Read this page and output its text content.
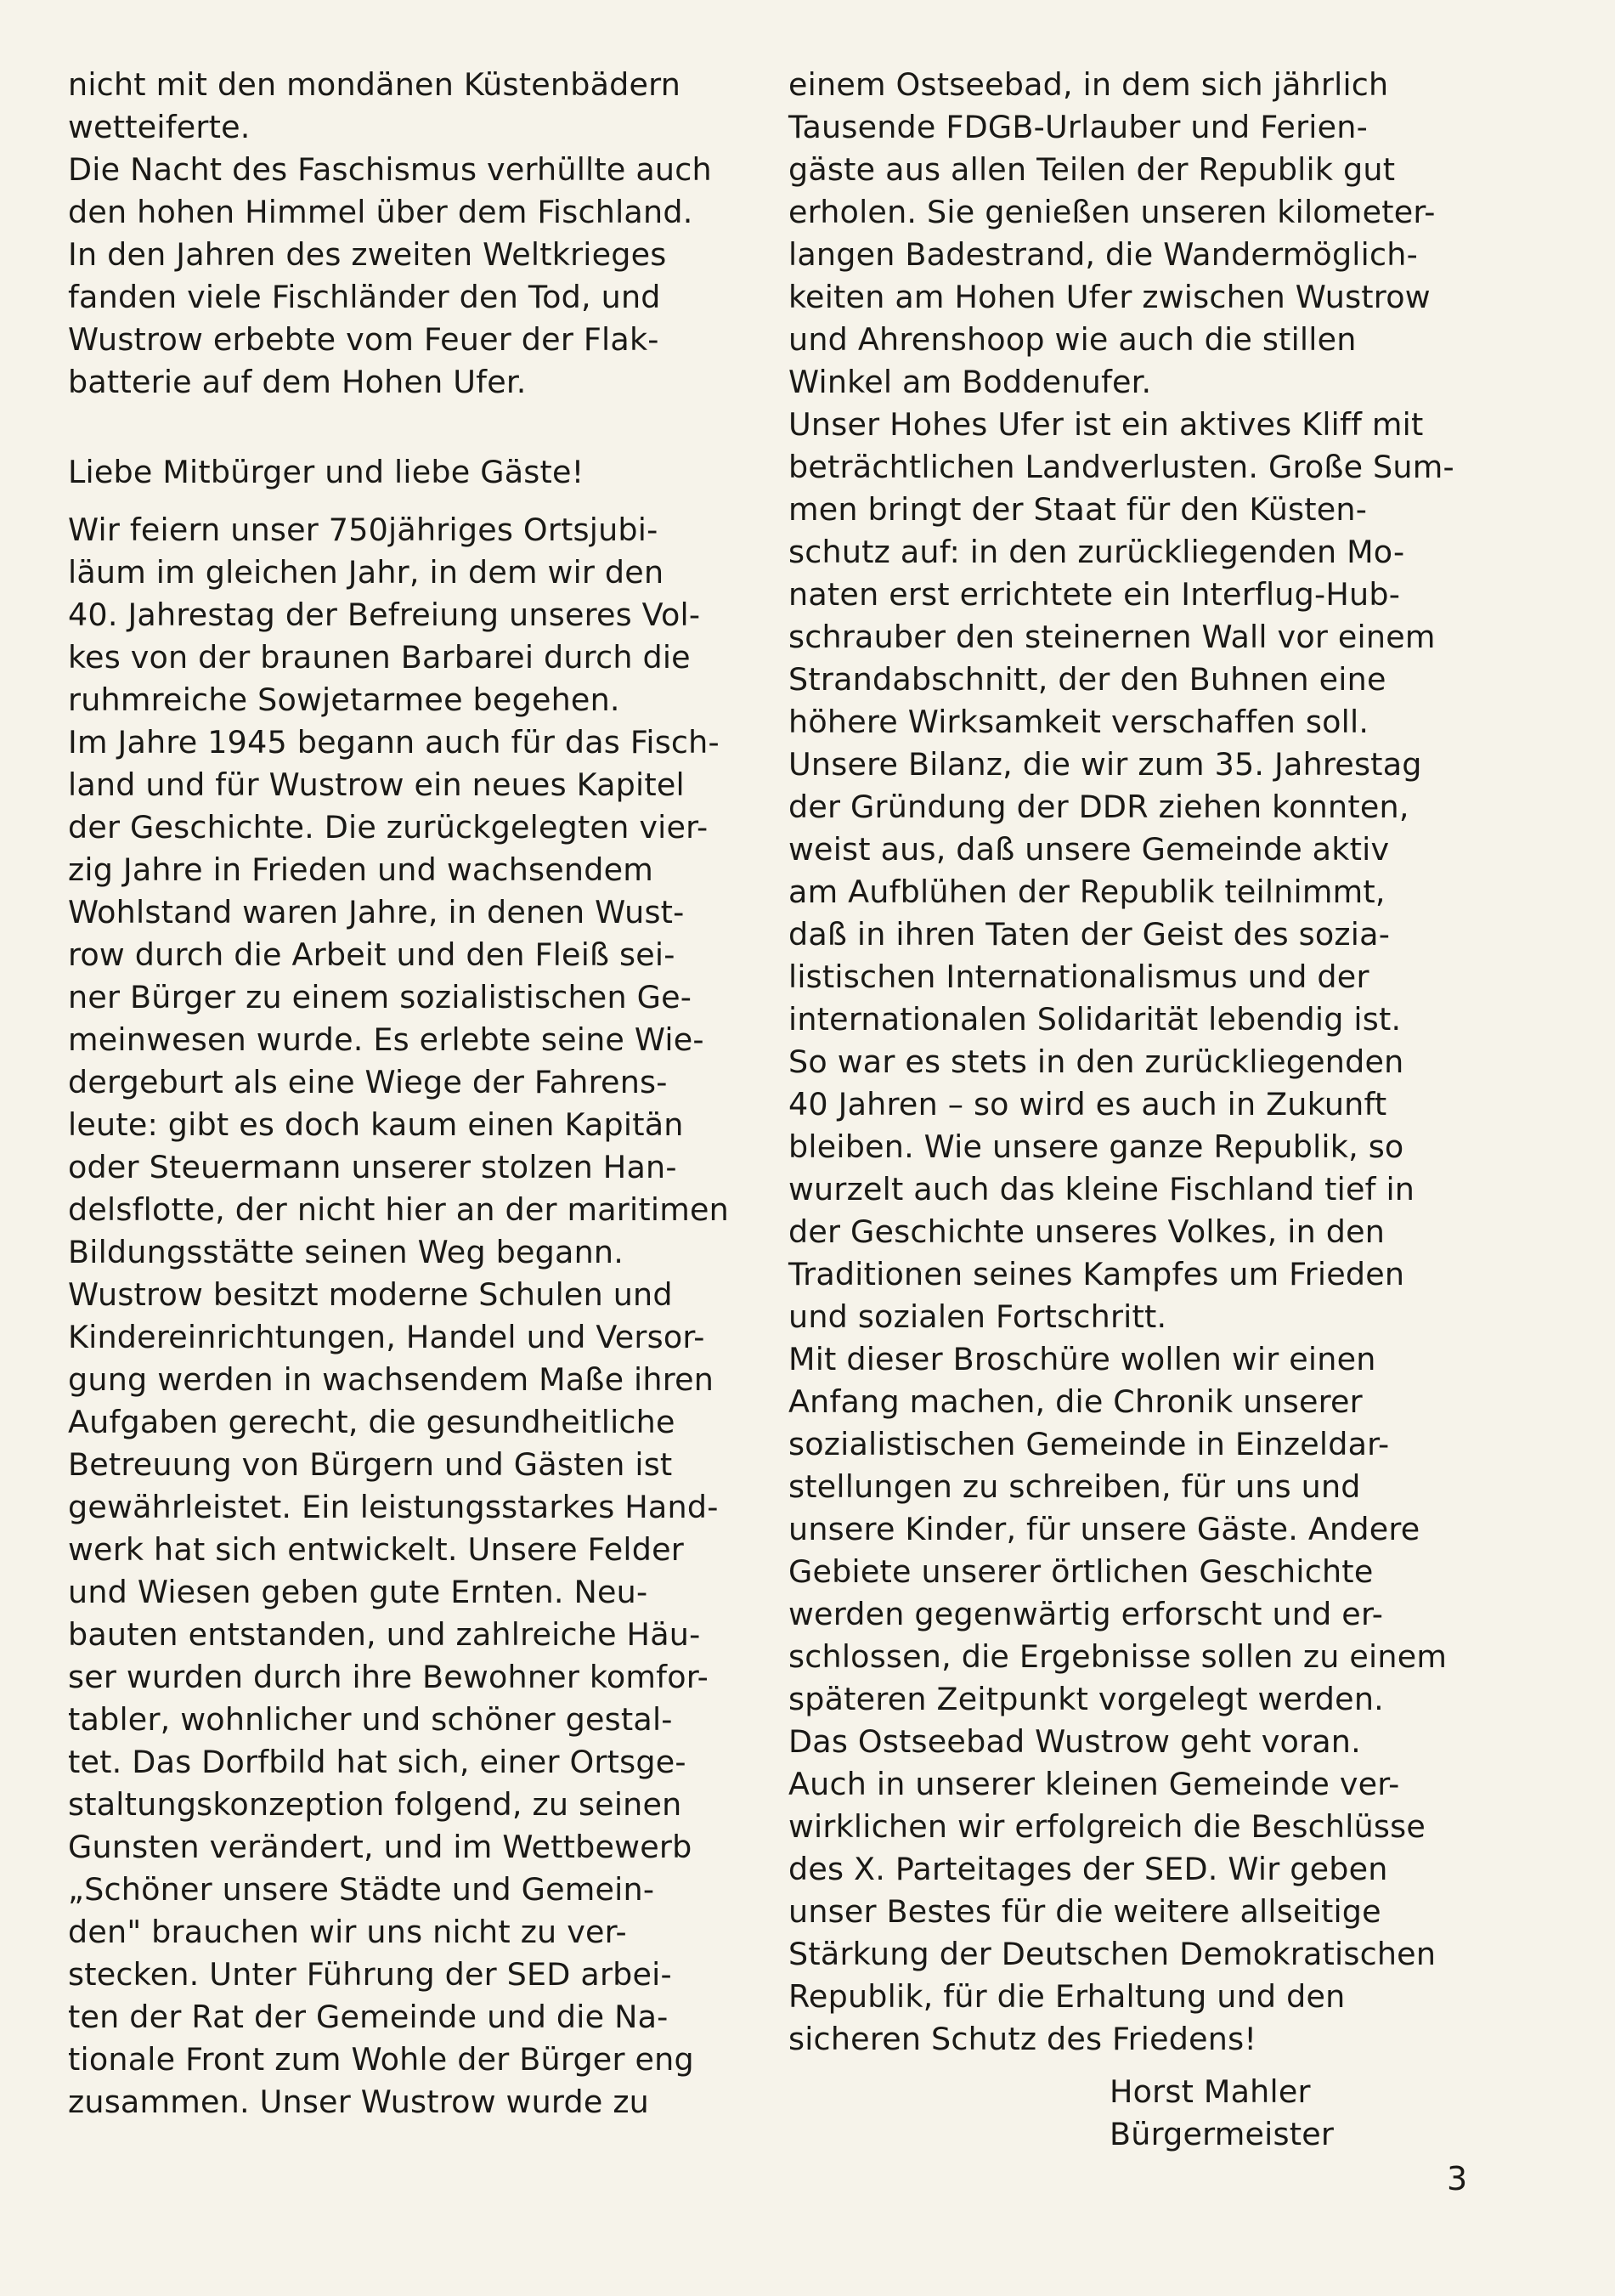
nicht mit den mondänen Küstenbädern
wetteiferte.
Die Nacht des Faschismus verhüllte auch
den hohen Himmel über dem Fischland.
In den Jahren des zweiten Weltkrieges
fanden viele Fischländer den Tod, und
Wustrow erbebte vom Feuer der Flak-
batterie auf dem Hohen Ufer.
Liebe Mitbürger und liebe Gäste!
Wir feiern unser 750jähriges Ortsjubi-
läum im gleichen Jahr, in dem wir den
40. Jahrestag der Befreiung unseres Vol-
kes von der braunen Barbarei durch die
ruhmreiche Sowjetarmee begehen.
Im Jahre 1945 begann auch für das Fisch-
land und für Wustrow ein neues Kapitel
der Geschichte. Die zurückgelegten vier-
zig Jahre in Frieden und wachsendem
Wohlstand waren Jahre, in denen Wust-
row durch die Arbeit und den Fleiß sei-
ner Bürger zu einem sozialistischen Ge-
meinwesen wurde. Es erlebte seine Wie-
dergeburt als eine Wiege der Fahrens-
leute: gibt es doch kaum einen Kapitän
oder Steuermann unserer stolzen Han-
delsflotte, der nicht hier an der maritimen
Bildungsstätte seinen Weg begann.
Wustrow besitzt moderne Schulen und
Kindereinrichtungen, Handel und Versor-
gung werden in wachsendem Maße ihren
Aufgaben gerecht, die gesundheitliche
Betreuung von Bürgern und Gästen ist
gewährleistet. Ein leistungsstarkes Hand-
werk hat sich entwickelt. Unsere Felder
und Wiesen geben gute Ernten. Neu-
bauten entstanden, und zahlreiche Häu-
ser wurden durch ihre Bewohner komfor-
tabler, wohnlicher und schöner gestal-
tet. Das Dorfbild hat sich, einer Ortsge-
staltungskonzeption folgend, zu seinen
Gunsten verändert, und im Wettbewerb
„Schöner unsere Städte und Gemein-
den" brauchen wir uns nicht zu ver-
stecken. Unter Führung der SED arbei-
ten der Rat der Gemeinde und die Na-
tionale Front zum Wohle der Bürger eng
zusammen. Unser Wustrow wurde zu
einem Ostseebad, in dem sich jährlich
Tausende FDGB-Urlauber und Ferien-
gäste aus allen Teilen der Republik gut
erholen. Sie genießen unseren kilometer-
langen Badestrand, die Wandermöglich-
keiten am Hohen Ufer zwischen Wustrow
und Ahrenshoop wie auch die stillen
Winkel am Boddenufer.
Unser Hohes Ufer ist ein aktives Kliff mit
beträchtlichen Landverlusten. Große Sum-
men bringt der Staat für den Küsten-
schutz auf: in den zurückliegenden Mo-
naten erst errichtete ein Interflug-Hub-
schrauber den steinernen Wall vor einem
Strandabschnitt, der den Buhnen eine
höhere Wirksamkeit verschaffen soll.
Unsere Bilanz, die wir zum 35. Jahrestag
der Gründung der DDR ziehen konnten,
weist aus, daß unsere Gemeinde aktiv
am Aufblühen der Republik teilnimmt,
daß in ihren Taten der Geist des sozia-
listischen Internationalismus und der
internationalen Solidarität lebendig ist.
So war es stets in den zurückliegenden
40 Jahren – so wird es auch in Zukunft
bleiben. Wie unsere ganze Republik, so
wurzelt auch das kleine Fischland tief in
der Geschichte unseres Volkes, in den
Traditionen seines Kampfes um Frieden
und sozialen Fortschritt.
Mit dieser Broschüre wollen wir einen
Anfang machen, die Chronik unserer
sozialistischen Gemeinde in Einzeldar-
stellungen zu schreiben, für uns und
unsere Kinder, für unsere Gäste. Andere
Gebiete unserer örtlichen Geschichte
werden gegenwärtig erforscht und er-
schlossen, die Ergebnisse sollen zu einem
späteren Zeitpunkt vorgelegt werden.
Das Ostseebad Wustrow geht voran.
Auch in unserer kleinen Gemeinde ver-
wirklichen wir erfolgreich die Beschlüsse
des X. Parteitages der SED. Wir geben
unser Bestes für die weitere allseitige
Stärkung der Deutschen Demokratischen
Republik, für die Erhaltung und den
sicheren Schutz des Friedens!
Horst Mahler
Bürgermeister
3
